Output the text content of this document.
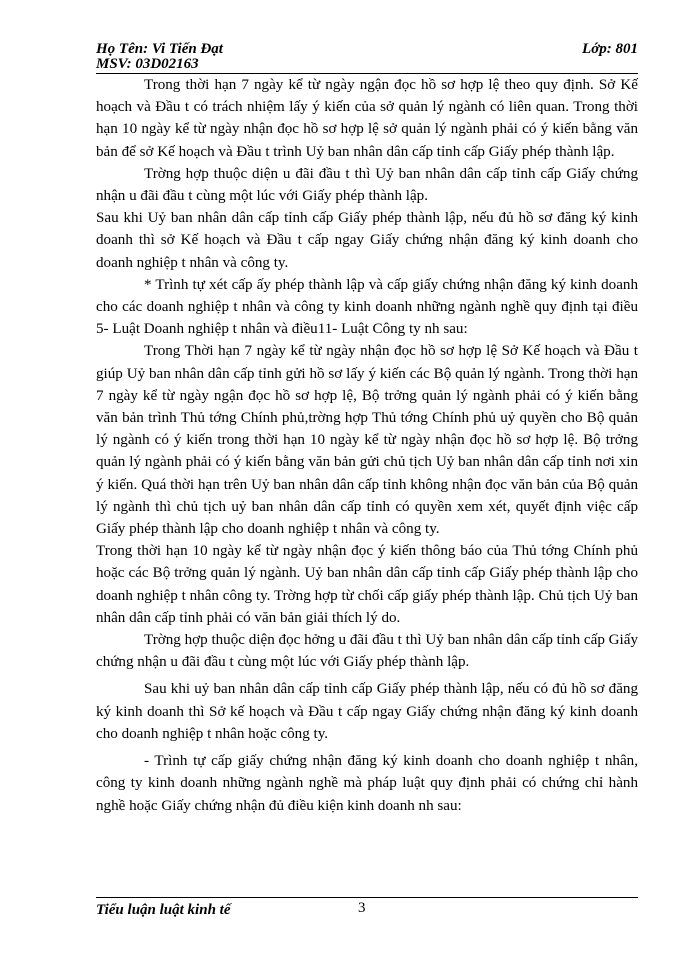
Họ Tên: Vi Tiến Đạt	Lớp: 801
MSV: 03D02163

Trong thời hạn 7 ngày kể từ ngày ngận đọc hồ sơ hợp lệ theo quy định. Sở Kế hoạch và Đầu t có trách nhiệm lấy ý kiến của sở quản lý ngành có liên quan. Trong thời hạn 10 ngày kể từ ngày nhận đọc hồ sơ hợp lệ sở quản lý ngành phải có ý kiến bằng văn bản để sở Kế hoạch và Đầu t trình Uỷ ban nhân dân cấp tỉnh cấp Giấy phép thành lập.

Trờng hợp thuộc diện u đãi đầu t thì Uỷ ban nhân dân cấp tỉnh cấp Giấy chứng nhận u đãi đầu t cùng một lúc với Giấy phép thành lập.

Sau khi Uỷ ban nhân dân cấp tỉnh cấp Giấy phép thành lập, nếu đủ hồ sơ đăng ký kinh doanh thì sở Kế hoạch và Đầu t cấp ngay Giấy chứng nhận đăng ký kinh doanh cho doanh nghiệp t nhân và công ty.

* Trình tự xét cấp ấy phép thành lập và cấp giấy chứng nhận đăng ký kinh doanh cho các doanh nghiệp t nhân và công ty kinh doanh những ngành nghề quy định tại điều 5- Luật Doanh nghiệp t nhân và điều11- Luật Công ty nh sau:

Trong Thời hạn 7 ngày kể từ ngày nhận đọc hồ sơ hợp lệ Sở Kế hoạch và Đầu t giúp Uỷ ban nhân dân cấp tỉnh gửi hồ sơ lấy ý kiến các Bộ quản lý ngành. Trong thời hạn 7 ngày kể từ ngày ngận đọc hồ sơ hợp lệ, Bộ trởng quản lý ngành phải có ý kiến bằng văn bản trình Thủ tớng Chính phủ,trờng hợp Thủ tớng Chính phủ uỷ quyền cho Bộ quản lý ngành có ý kiến trong thời hạn 10 ngày kể từ ngày nhận đọc hồ sơ hợp lệ. Bộ trởng quản lý ngành phải có ý kiến bằng văn bản gửi chủ tịch Uỷ ban nhân dân cấp tỉnh nơi xin ý kiến. Quá thời hạn trên Uỷ ban nhân dân cấp tỉnh không nhận đọc văn bản của Bộ quản lý ngành thì chủ tịch uỷ ban nhân dân cấp tỉnh có quyền xem xét, quyết định việc cấp Giấy phép thành lập cho doanh nghiệp t nhân và công ty.

Trong thời hạn 10 ngày kể từ ngày nhận đọc ý kiến thông báo của Thủ tớng Chính phủ hoặc các Bộ trởng quản lý ngành. Uỷ ban nhân dân cấp tỉnh cấp Giấy phép thành lập cho doanh nghiệp t nhân công ty. Trờng hợp từ chối cấp giấy phép thành lập. Chủ tịch Uỷ ban nhân dân cấp tỉnh phải có văn bản giải thích lý do.

Trờng hợp thuộc diện đọc hởng u đãi đầu t thì Uỷ ban nhân dân cấp tỉnh cấp Giấy chứng nhận u đãi đầu t cùng một lúc với Giấy phép thành lập.

Sau khi uỷ ban nhân dân cấp tỉnh cấp Giấy phép thành lập, nếu có đủ hồ sơ đăng ký kinh doanh thì Sở kế hoạch và Đầu t cấp ngay Giấy chứng nhận đăng ký kinh doanh cho doanh nghiệp t nhân hoặc công ty.

- Trình tự cấp giấy chứng nhận đăng ký kinh doanh cho doanh nghiệp t nhân, công ty kinh doanh những ngành nghề mà pháp luật quy định phải có chứng chỉ hành nghề hoặc Giấy chứng nhận đủ điều kiện kinh doanh nh sau:

Tiểu luận luật kinh tế	3
